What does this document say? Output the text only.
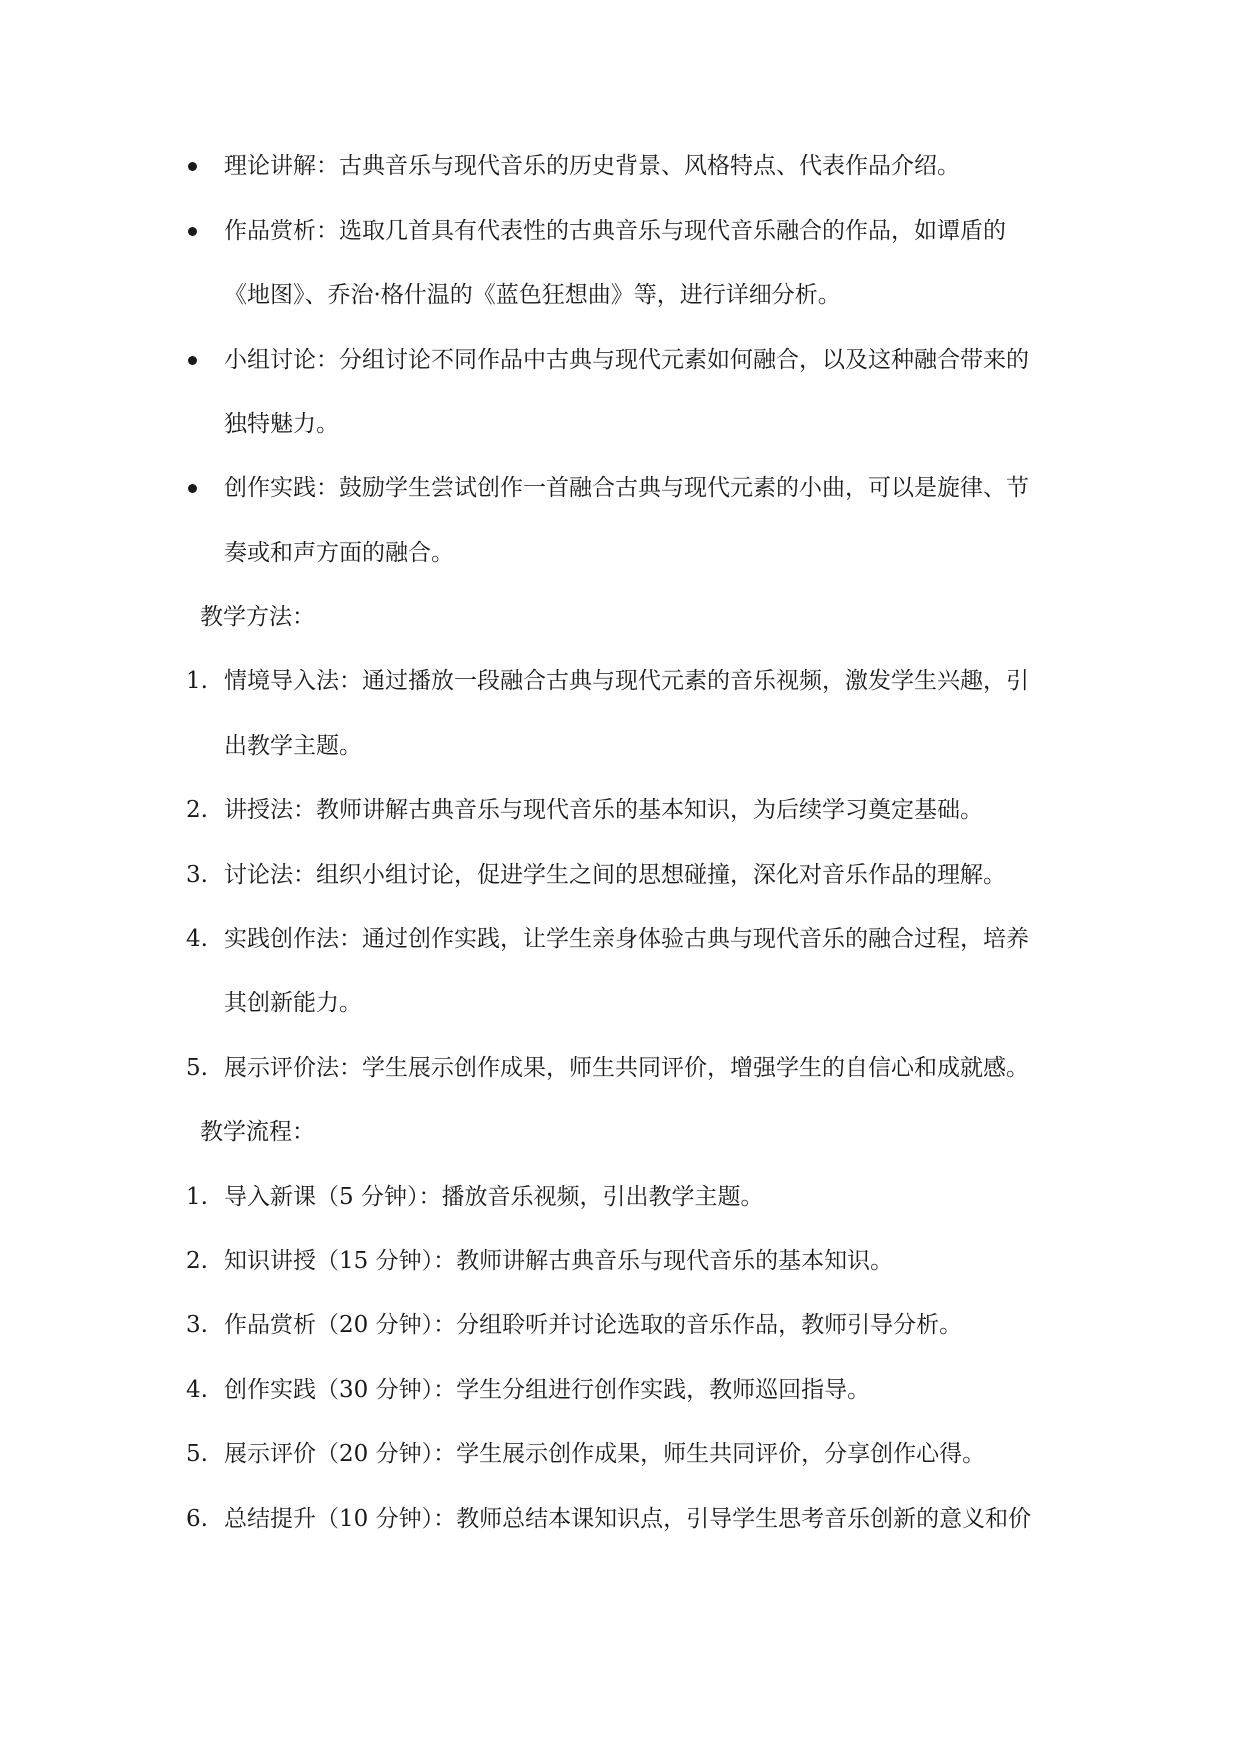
理论讲解：古典音乐与现代音乐的历史背景、风格特点、代表作品介绍。
作品赏析：选取几首具有代表性的古典音乐与现代音乐融合的作品，如谭盾的
《地图》、乔治·格什温的《蓝色狂想曲》等，进行详细分析。
小组讨论：分组讨论不同作品中古典与现代元素如何融合，以及这种融合带来的
独特魅力。
创作实践：鼓励学生尝试创作一首融合古典与现代元素的小曲，可以是旋律、节
奏或和声方面的融合。
教学方法：
1. 情境导入法：通过播放一段融合古典与现代元素的音乐视频，激发学生兴趣，引
出教学主题。
2. 讲授法：教师讲解古典音乐与现代音乐的基本知识，为后续学习奠定基础。
3. 讨论法：组织小组讨论，促进学生之间的思想碰撞，深化对音乐作品的理解。
4. 实践创作法：通过创作实践，让学生亲身体验古典与现代音乐的融合过程，培养
其创新能力。
5. 展示评价法：学生展示创作成果，师生共同评价，增强学生的自信心和成就感。
教学流程：
1. 导入新课（5 分钟）：播放音乐视频，引出教学主题。
2. 知识讲授（15 分钟）：教师讲解古典音乐与现代音乐的基本知识。
3. 作品赏析（20 分钟）：分组聆听并讨论选取的音乐作品，教师引导分析。
4. 创作实践（30 分钟）：学生分组进行创作实践，教师巡回指导。
5. 展示评价（20 分钟）：学生展示创作成果，师生共同评价，分享创作心得。
6. 总结提升（10 分钟）：教师总结本课知识点，引导学生思考音乐创新的意义和价
